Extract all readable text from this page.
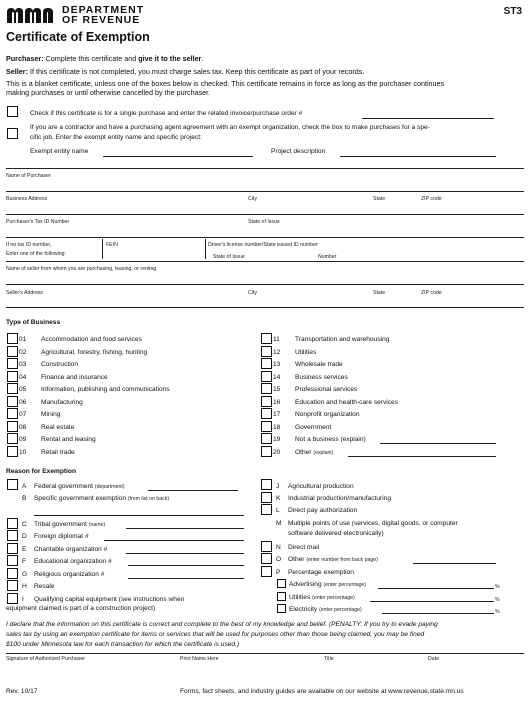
DEPARTMENT
OF REVENUE
ST3
Certificate of Exemption
Purchaser: Complete this certificate and give it to the seller.
Seller: If this certificate is not completed, you must charge sales tax. Keep this certificate as part of your records.
This is a blanket certificate, unless one of the boxes below is checked. This certificate remains in force as long as the purchaser continues
making purchases or until otherwise cancelled by the purchaser.
Check if this certificate is for a single purchase and enter the related invoice/purchase order #
If you are a contractor and have a purchasing agent agreement with an exempt organization, check the box to make purchases for a spe-
cific job. Enter the exempt entity name and specific project:
Exempt entity name	Project description
Name of Purchaser
Business Address	City	State	ZIP code
Purchaser's Tax ID Number	State of Issue
If no tax ID number,
Enter one of the following:
FEIN	Driver's license number/State issued ID number
State of Issue	Number
Name of seller from whom you are purchasing, leasing, or renting
Seller's Address	City	State	ZIP code
Type of Business
01 Accommodation and food services
02 Agricultural, forestry, fishing, hunting
03 Construction
04 Finance and insurance
05 Information, publishing and communications
06 Manufacturing
07 Mining
08 Real estate
09 Rental and leasing
10 Retail trade
11 Transportation and warehousing
12 Utilities
13 Wholesale trade
14 Business services
15 Professional services
16 Education and health-care services
17 Nonprofit organization
18 Government
19 Not a business (explain)
20 Other (explain)
Reason for Exemption
A Federal government (department)
B Specific government exemption (from list on back)
C Tribal government (name)
D Foreign diplomat #
E Charitable organization #
F Educational organization #
G Religious organization #
H Resale
I Qualifying capital equipment (see instructions when
equipment claimed is part of a construction project)
J Agricultural production
K Industrial production/manufacturing
L Direct pay authorization
M Multiple points of use (services, digital goods, or computer
software delivered electronically)
N Direct mail
O Other (enter number from back page)
P Percentage exemption
Advertising (enter percentage)	%
Utilities (enter percentage)	%
Electricity (enter percentage)	%
I declare that the information on this certificate is correct and complete to the best of my knowledge and belief. (PENALTY: If you try to evade paying
sales tax by using an exemption certificate for items or services that will be used for purposes other than those being claimed, you may be fined
$100 under Minnesota law for each transaction for which the certificate is used.)
Signature of Authorized Purchaser	Print Name Here	Title	Date
Rev. 10/17	Forms, fact sheets, and industry guides are available on our website at www.revenue.state.mn.us
